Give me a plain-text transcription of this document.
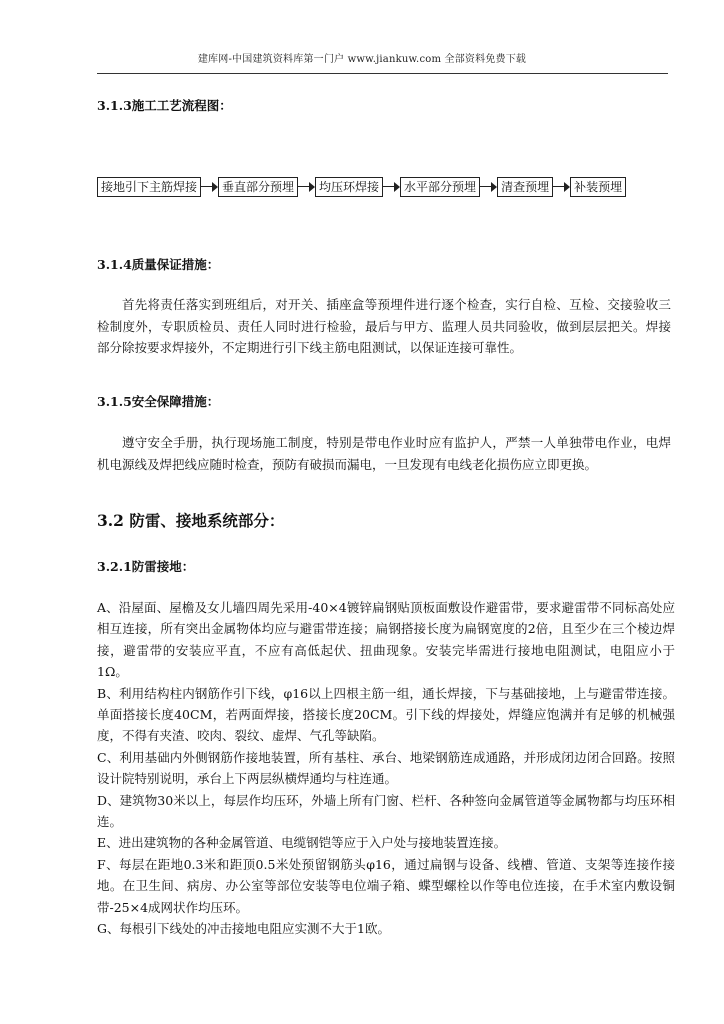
建库网-中国建筑资料库第一门户 www.jiankuw.com 全部资料免费下载
3.1.3施工工艺流程图：
接地引下主筋焊接	垂直部分预埋	均压环焊接	水平部分预埋	清查预埋	补装预埋
3.1.4质量保证措施：

首先将责任落实到班组后，对开关、插座盒等预埋件进行逐个检查，实行自检、互检、交接验收三检制度外，专职质检员、责任人同时进行检验，最后与甲方、监理人员共同验收，做到层层把关。焊接部分除按要求焊接外，不定期进行引下线主筋电阻测试，以保证连接可靠性。

3.1.5安全保障措施：

遵守安全手册，执行现场施工制度，特别是带电作业时应有监护人，严禁一人单独带电作业，电焊机电源线及焊把线应随时检查，预防有破损而漏电，一旦发现有电线老化损伤应立即更换。

3.2 防雷、接地系统部分：
3.2.1防雷接地：

A、沿屋面、屋檐及女儿墙四周先采用-40×4镀锌扁钢贴顶板面敷设作避雷带，要求避雷带不同标高处应相互连接，所有突出金属物体均应与避雷带连接；扁钢搭接长度为扁钢宽度的2倍，且至少在三个棱边焊接，避雷带的安装应平直，不应有高低起伏、扭曲现象。安装完毕需进行接地电阻测试，电阻应小于1Ω。

B、利用结构柱内钢筋作引下线，φ16以上四根主筋一组，通长焊接，下与基础接地，上与避雷带连接。单面搭接长度40CM，若两面焊接，搭接长度20CM。引下线的焊接处，焊缝应饱满并有足够的机械强度，不得有夹渣、咬肉、裂纹、虚焊、气孔等缺陷。

C、利用基础内外侧钢筋作接地装置，所有基柱、承台、地梁钢筋连成通路，并形成闭边闭合回路。按照设计院特别说明，承台上下两层纵横焊通均与柱连通。

D、建筑物30米以上，每层作均压环，外墙上所有门窗、栏杆、各种签向金属管道等金属物都与均压环相连。

E、进出建筑物的各种金属管道、电缆钢铠等应于入户处与接地装置连接。

F、每层在距地0.3米和距顶0.5米处预留钢筋头φ16，通过扁钢与设备、线槽、管道、支架等连接作接地。在卫生间、病房、办公室等部位安装等电位端子箱、蝶型螺栓以作等电位连接，在手术室内敷设铜带-25×4成网状作均压环。

G、每根引下线处的冲击接地电阻应实测不大于1欧。
